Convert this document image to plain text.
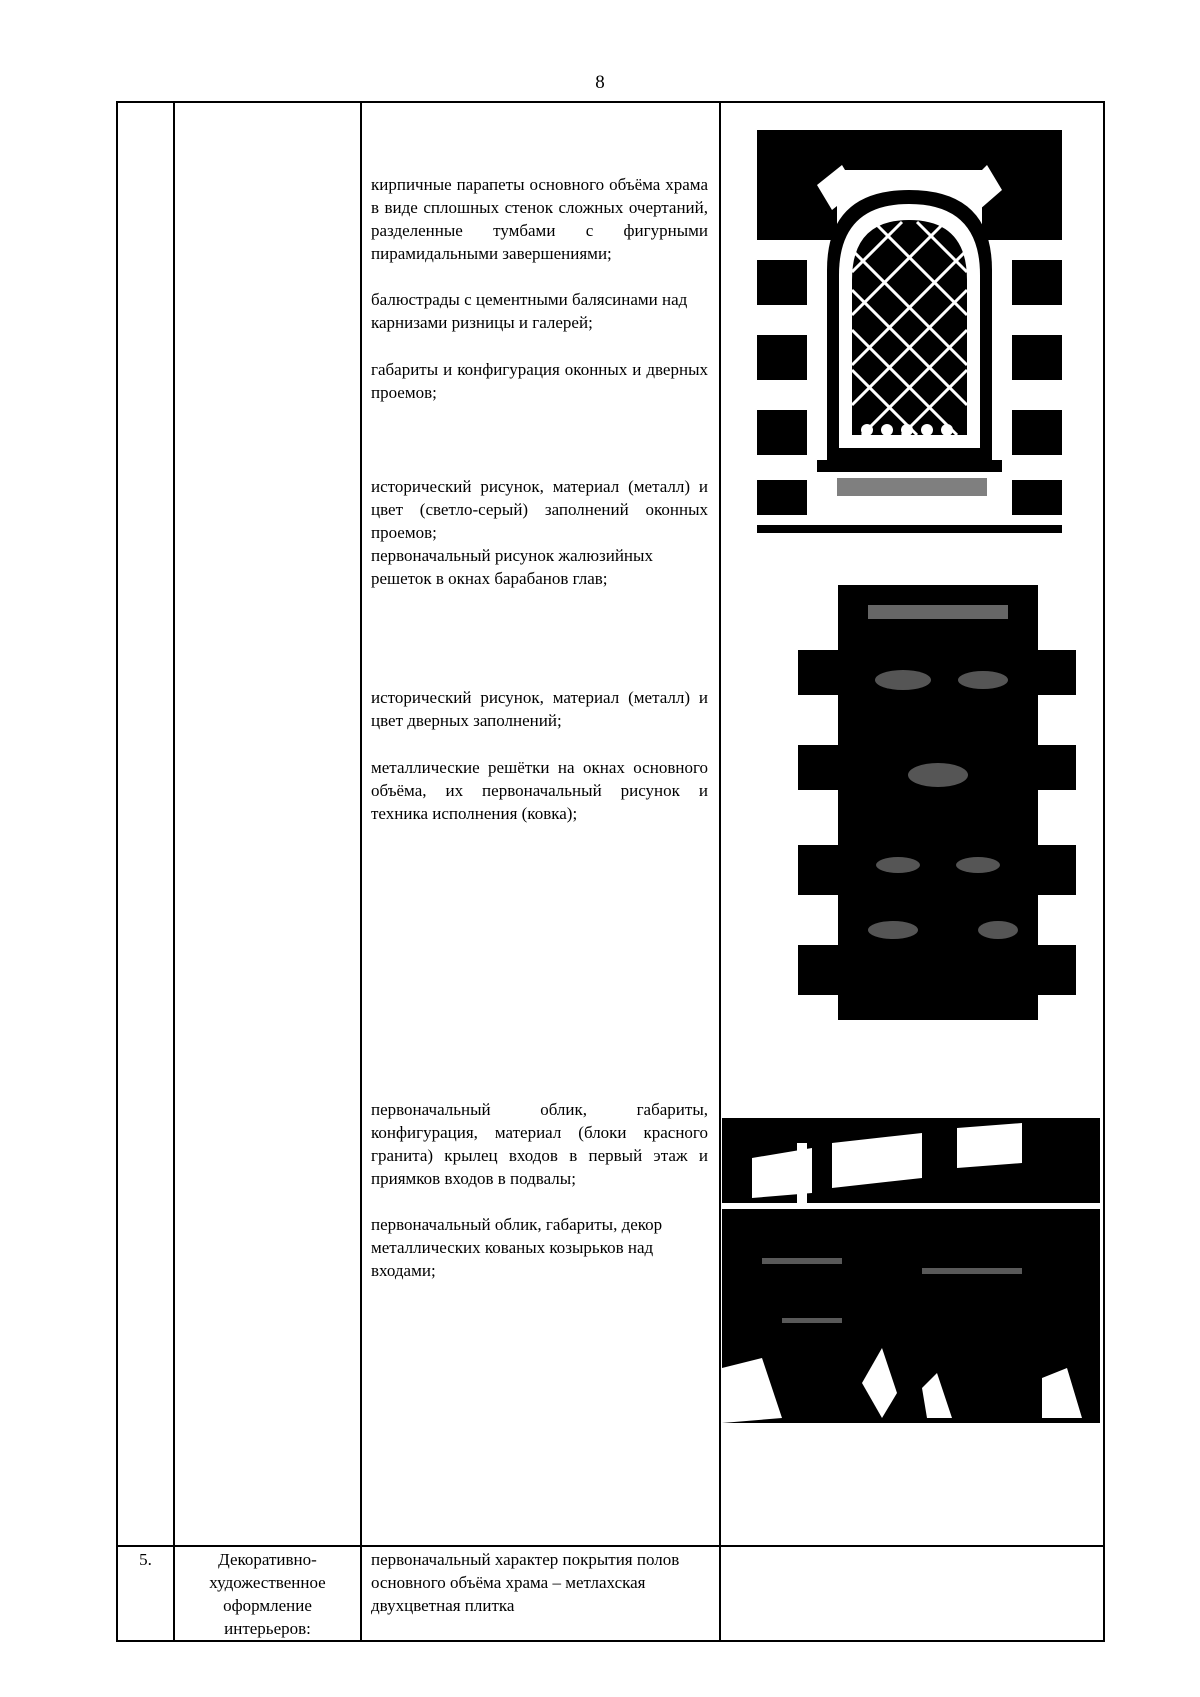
8
кирпичные парапеты основного объёма храма в виде сплошных стенок сложных очертаний, разделенные тумбами с фигурными пирамидальными завершениями;
балюстрады с цементными балясинами над карнизами ризницы и галерей;
габариты и конфигурация оконных и дверных проемов;
исторический рисунок, материал (металл) и цвет (светло-серый) заполнений оконных проемов;
первоначальный рисунок жалюзийных решеток в окнах барабанов глав;
исторический рисунок, материал (металл) и цвет дверных заполнений;
металлические решётки на окнах основного объёма, их первоначальный рисунок и техника исполнения (ковка);
первоначальный облик, габариты, конфигурация, материал (блоки красного гранита) крылец входов в первый этаж и приямков входов в подвалы;
первоначальный облик, габариты, декор металлических кованых козырьков над входами;
5.	Декоративно-художественное оформление интерьеров:
первоначальный характер покрытия полов основного объёма храма – метлахская двухцветная плитка
